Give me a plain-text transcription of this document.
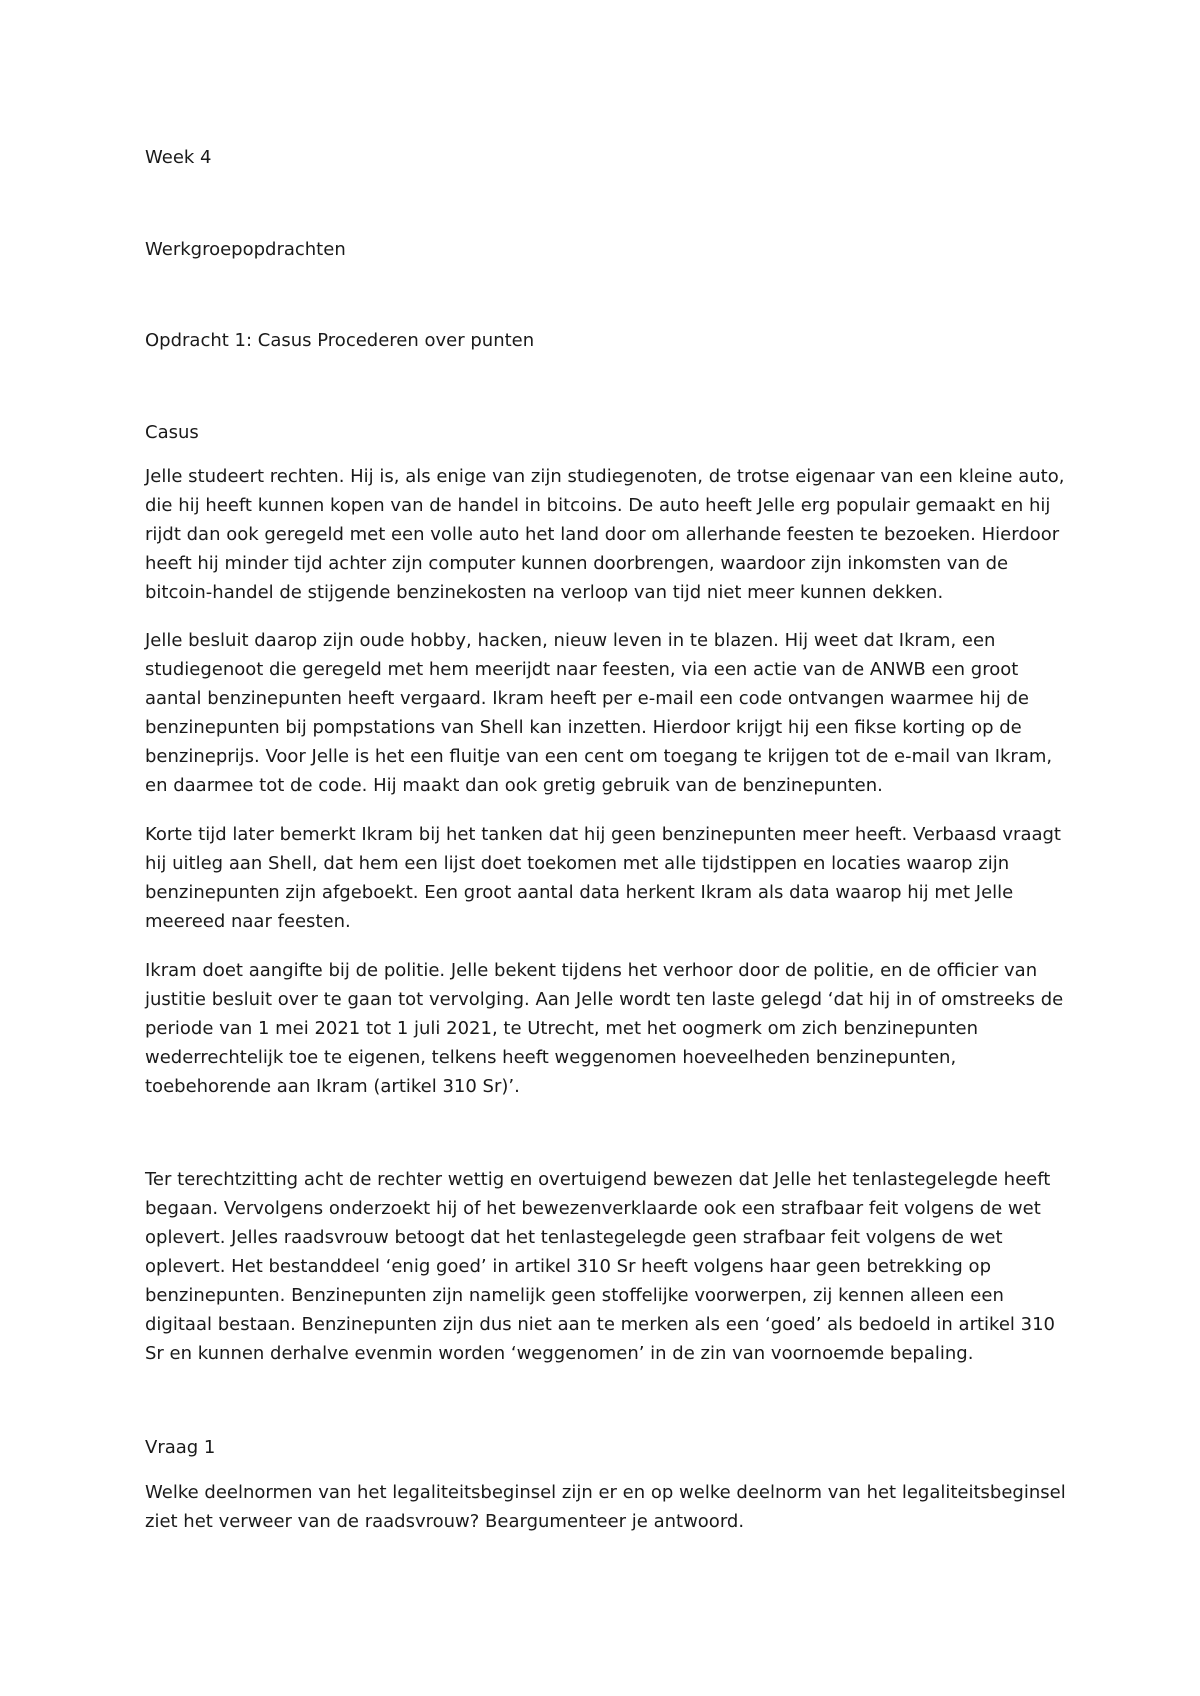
Week 4

Werkgroepopdrachten

Opdracht 1: Casus Procederen over punten

Casus

Jelle studeert rechten. Hij is, als enige van zijn studiegenoten, de trotse eigenaar van een kleine auto,

die hij heeft kunnen kopen van de handel in bitcoins. De auto heeft Jelle erg populair gemaakt en hij

rijdt dan ook geregeld met een volle auto het land door om allerhande feesten te bezoeken. Hierdoor

heeft hij minder tijd achter zijn computer kunnen doorbrengen, waardoor zijn inkomsten van de

bitcoin-handel de stijgende benzinekosten na verloop van tijd niet meer kunnen dekken.

Jelle besluit daarop zijn oude hobby, hacken, nieuw leven in te blazen. Hij weet dat Ikram, een

studiegenoot die geregeld met hem meerijdt naar feesten, via een actie van de ANWB een groot

aantal benzinepunten heeft vergaard. Ikram heeft per e-mail een code ontvangen waarmee hij de

benzinepunten bij pompstations van Shell kan inzetten. Hierdoor krijgt hij een fikse korting op de

benzineprijs. Voor Jelle is het een fluitje van een cent om toegang te krijgen tot de e-mail van Ikram,

en daarmee tot de code. Hij maakt dan ook gretig gebruik van de benzinepunten.

Korte tijd later bemerkt Ikram bij het tanken dat hij geen benzinepunten meer heeft. Verbaasd vraagt

hij uitleg aan Shell, dat hem een lijst doet toekomen met alle tijdstippen en locaties waarop zijn

benzinepunten zijn afgeboekt. Een groot aantal data herkent Ikram als data waarop hij met Jelle

meereed naar feesten.

Ikram doet aangifte bij de politie. Jelle bekent tijdens het verhoor door de politie, en de officier van

justitie besluit over te gaan tot vervolging. Aan Jelle wordt ten laste gelegd ‘dat hij in of omstreeks de

periode van 1 mei 2021 tot 1 juli 2021, te Utrecht, met het oogmerk om zich benzinepunten

wederrechtelijk toe te eigenen, telkens heeft weggenomen hoeveelheden benzinepunten,

toebehorende aan Ikram (artikel 310 Sr)’.

Ter terechtzitting acht de rechter wettig en overtuigend bewezen dat Jelle het tenlastegelegde heeft

begaan. Vervolgens onderzoekt hij of het bewezenverklaarde ook een strafbaar feit volgens de wet

oplevert. Jelles raadsvrouw betoogt dat het tenlastegelegde geen strafbaar feit volgens de wet

oplevert. Het bestanddeel ‘enig goed’ in artikel 310 Sr heeft volgens haar geen betrekking op

benzinepunten. Benzinepunten zijn namelijk geen stoffelijke voorwerpen, zij kennen alleen een

digitaal bestaan. Benzinepunten zijn dus niet aan te merken als een ‘goed’ als bedoeld in artikel 310

Sr en kunnen derhalve evenmin worden ‘weggenomen’ in de zin van voornoemde bepaling.

Vraag 1

Welke deelnormen van het legaliteitsbeginsel zijn er en op welke deelnorm van het legaliteitsbeginsel

ziet het verweer van de raadsvrouw? Beargumenteer je antwoord.
